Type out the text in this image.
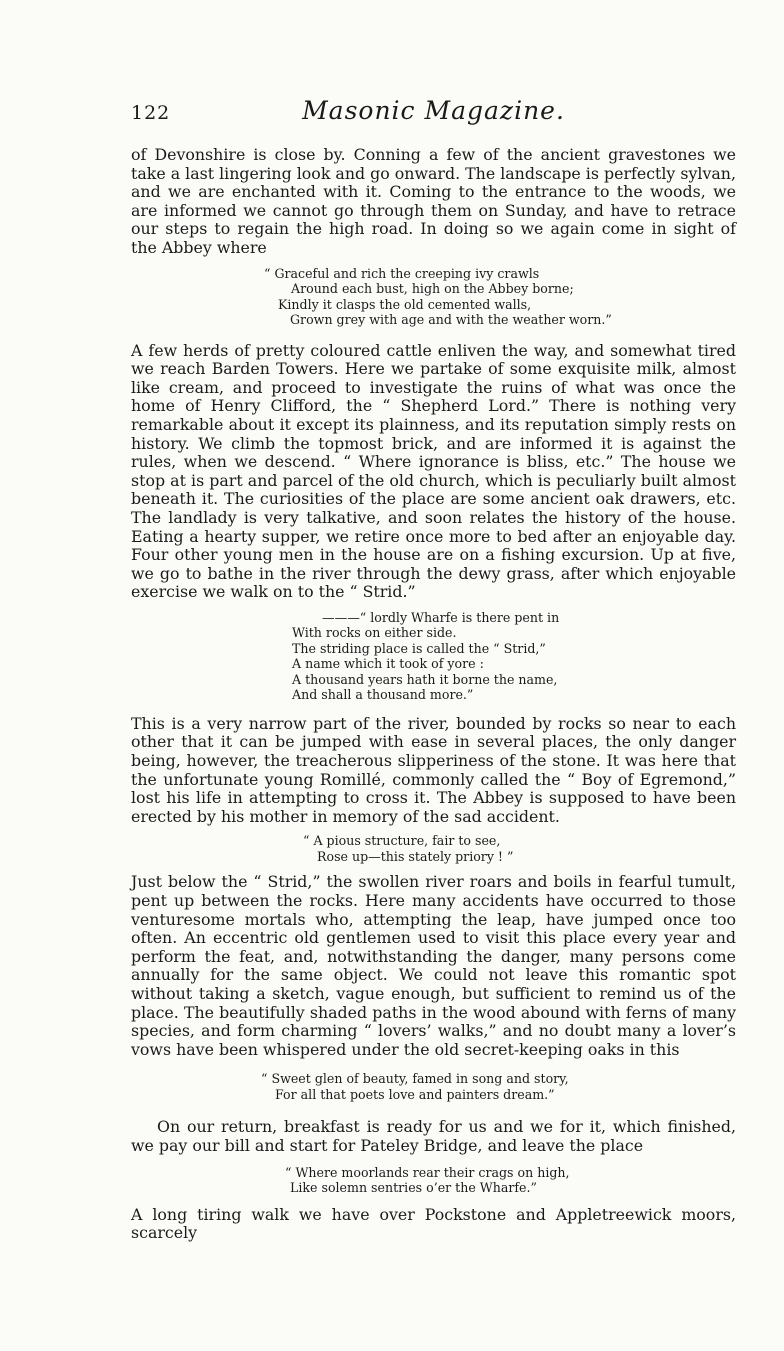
122	Masonic Magazine.

of Devonshire is close by. Conning a few of the ancient gravestones we take a last lingering look and go onward. The landscape is perfectly sylvan, and we are enchanted with it. Coming to the entrance to the woods, we are informed we cannot go through them on Sunday, and have to retrace our steps to regain the high road. In doing so we again come in sight of the Abbey where

“ Graceful and rich the creeping ivy crawls
Around each bust, high on the Abbey borne;
Kindly it clasps the old cemented walls,
Grown grey with age and with the weather worn.”

A few herds of pretty coloured cattle enliven the way, and somewhat tired we reach Barden Towers. Here we partake of some exquisite milk, almost like cream, and proceed to investigate the ruins of what was once the home of Henry Clifford, the “ Shepherd Lord.” There is nothing very remarkable about it except its plainness, and its reputation simply rests on history. We climb the topmost brick, and are informed it is against the rules, when we descend. “ Where ignorance is bliss, etc.” The house we stop at is part and parcel of the old church, which is peculiarly built almost beneath it. The curiosities of the place are some ancient oak drawers, etc. The landlady is very talkative, and soon relates the history of the house. Eating a hearty supper, we retire once more to bed after an enjoyable day. Four other young men in the house are on a fishing excursion. Up at five, we go to bathe in the river through the dewy grass, after which enjoyable exercise we walk on to the “ Strid.”

———“ lordly Wharfe is there pent in
With rocks on either side.
The striding place is called the “ Strid,”
A name which it took of yore :
A thousand years hath it borne the name,
And shall a thousand more.”

This is a very narrow part of the river, bounded by rocks so near to each other that it can be jumped with ease in several places, the only danger being, however, the treacherous slipperiness of the stone. It was here that the unfortunate young Romillé, commonly called the “ Boy of Egremond,” lost his life in attempting to cross it. The Abbey is supposed to have been erected by his mother in memory of the sad accident.

“ A pious structure, fair to see,
Rose up—this stately priory ! ”

Just below the “ Strid,” the swollen river roars and boils in fearful tumult, pent up between the rocks. Here many accidents have occurred to those venturesome mortals who, attempting the leap, have jumped once too often. An eccentric old gentlemen used to visit this place every year and perform the feat, and, notwithstanding the danger, many persons come annually for the same object. We could not leave this romantic spot without taking a sketch, vague enough, but sufficient to remind us of the place. The beautifully shaded paths in the wood abound with ferns of many species, and form charming “ lovers’ walks,” and no doubt many a lover’s vows have been whispered under the old secret-keeping oaks in this

“ Sweet glen of beauty, famed in song and story,
For all that poets love and painters dream.”

On our return, breakfast is ready for us and we for it, which finished, we pay our bill and start for Pateley Bridge, and leave the place

“ Where moorlands rear their crags on high,
Like solemn sentries o’er the Wharfe.”

A long tiring walk we have over Pockstone and Appletreewick moors, scarcely
